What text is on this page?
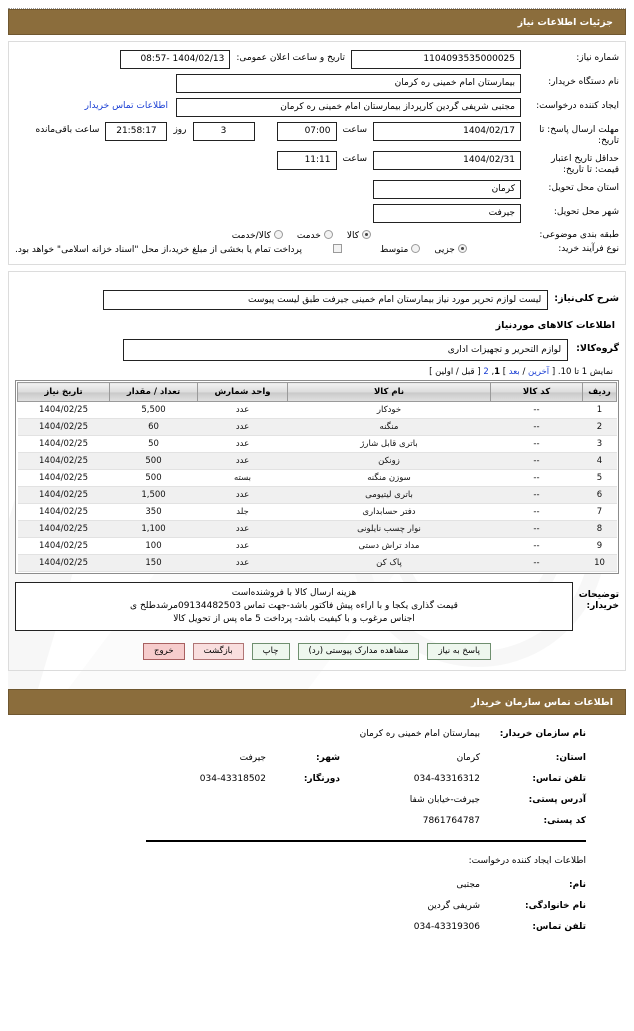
جزئیات اطلاعات نیاز
شماره نیاز:
1104093535000025
تاریخ و ساعت اعلان عمومی:
1404/02/13 -08:57
نام دستگاه خریدار:
بیمارستان امام خمینی ره کرمان
ایجاد کننده درخواست:
مجتبی شریفی گردین کارپرداز بیمارستان امام خمینی ره کرمان
اطلاعات تماس خریدار
مهلت ارسال پاسخ: تا تاریخ:
1404/02/17
ساعت
07:00
3
روز
21:58:17
ساعت باقی‌مانده
حداقل تاریخ اعتبار قیمت: تا تاریخ:
1404/02/31
ساعت
11:11
استان محل تحویل:
کرمان
شهر محل تحویل:
جیرفت
طبقه بندی موضوعی:
کالا
خدمت
کالا/خدمت
نوع فرآیند خرید:
جزیی
متوسط
پرداخت تمام یا بخشی از مبلغ خرید،از محل "اسناد خزانه اسلامی" خواهد بود.
شرح کلی‌نیاز:
لیست لوازم تحریر مورد نیاز بیمارستان امام خمینی جیرفت طبق لیست پیوست
اطلاعات کالاهای موردنیاز
گروه‌کالا:
لوازم التحریر و تجهیزات اداری
نمایش 1 تا 10. [ آخرین / بعد ] 1, 2 [ قبل / اولین ]
ردیف	کد کالا	نام کالا	واحد شمارش	تعداد / مقدار	تاریخ نیاز
1	--	خودکار	عدد	5,500	1404/02/25
2	--	منگنه	عدد	60	1404/02/25
3	--	باتری قابل شارژ	عدد	50	1404/02/25
4	--	زونکن	عدد	500	1404/02/25
5	--	سوزن منگنه	بسته	500	1404/02/25
6	--	باتری لیتیومی	عدد	1,500	1404/02/25
7	--	دفتر حسابداری	جلد	350	1404/02/25
8	--	نوار چسب نایلونی	عدد	1,100	1404/02/25
9	--	مداد تراش دستی	عدد	100	1404/02/25
10	--	پاک کن	عدد	150	1404/02/25
توضیحات
خریدار:
هزینه ارسال کالا با فروشنده‌است
قیمت گذاری یکجا و با اراءه پیش فاکتور باشد-جهت تماس 09134482503مرشدطلخ ی
اجناس مرغوب و با کیفیت باشد- پرداخت 5 ماه پس از تحویل کالا
پاسخ به نیاز
مشاهده مدارک پیوستی (رد)
چاپ
بازگشت
خروج
اطلاعات تماس سازمان خریدار
نام سازمان خریدار:
بیمارستان امام خمینی ره کرمان
استان:
کرمان
شهر:
جیرفت
تلفن تماس:
034-43316312
دورنگار:
034-43318502
آدرس پستی:
جیرفت-خیابان شفا
کد پستی:
7861764787
اطلاعات ایجاد کننده درخواست:
نام:
مجتبی
نام خانوادگی:
شریفی گردین
تلفن تماس:
034-43319306
